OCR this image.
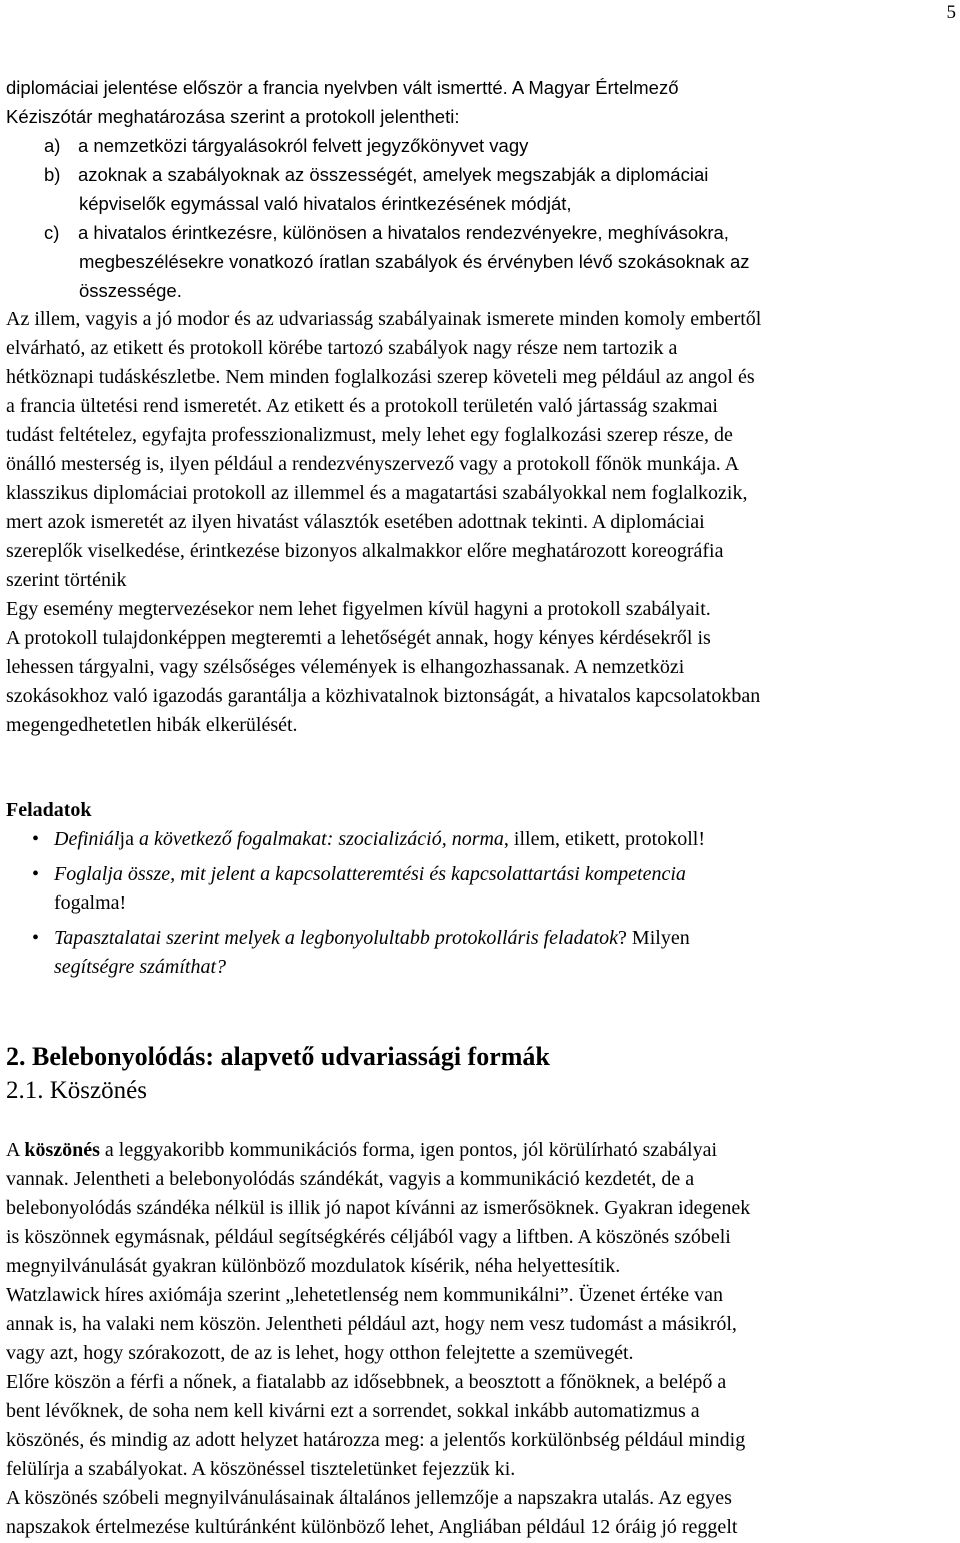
5
diplomáciai jelentése először a francia nyelvben vált ismertté. A Magyar Értelmező
Kéziszótár meghatározása szerint a protokoll jelentheti:
a) a nemzetközi tárgyalásokról felvett jegyzőkönyvet vagy
b) azoknak a szabályoknak az összességét, amelyek megszabják a diplomáciai
képviselők egymással való hivatalos érintkezésének módját,
c)	a hivatalos érintkezésre, különösen a hivatalos rendezvényekre, meghívásokra,
megbeszélésekre vonatkozó íratlan szabályok és érvényben lévő szokásoknak az
összessége.
Az illem, vagyis a jó modor és az udvariasság szabályainak ismerete minden komoly embertől
elvárható, az etikett és protokoll körébe tartozó szabályok nagy része nem tartozik a
hétköznapi tudáskészletbe. Nem minden foglalkozási szerep követeli meg például az angol és
a francia ültetési rend ismeretét. Az etikett és a protokoll területén való jártasság szakmai
tudást feltételez, egyfajta professzionalizmust, mely lehet egy foglalkozási szerep része, de
önálló mesterség is, ilyen például a rendezvényszervező vagy a protokoll főnök munkája. A
klasszikus diplomáciai protokoll az illemmel és a magatartási szabályokkal nem foglalkozik,
mert azok ismeretét az ilyen hivatást választók esetében adottnak tekinti. A diplomáciai
szereplők viselkedése, érintkezése bizonyos alkalmakkor előre meghatározott koreográfia
szerint történik
Egy esemény megtervezésekor nem lehet figyelmen kívül hagyni a protokoll szabályait.
A protokoll tulajdonképpen megteremti a lehetőségét annak, hogy kényes kérdésekről is
lehessen tárgyalni, vagy szélsőséges vélemények is elhangozhassanak. A nemzetközi
szokásokhoz való igazodás garantálja a közhivatalnok biztonságát, a hivatalos kapcsolatokban
megengedhetetlen hibák elkerülését.
Feladatok
• Definiálja a következő fogalmakat: szocializáció, norma, illem, etikett, protokoll!
• Foglalja össze, mit jelent a kapcsolatteremtési és kapcsolattartási kompetencia
fogalma!
• Tapasztalatai szerint melyek a legbonyolultabb protokolláris feladatok? Milyen
segítségre számíthat?
2. Belebonyolódás: alapvető udvariassági formák
2.1. Köszönés
A köszönés a leggyakoribb kommunikációs forma, igen pontos, jól körülírható szabályai
vannak. Jelentheti a belebonyolódás szándékát, vagyis a kommunikáció kezdetét, de a
belebonyolódás szándéka nélkül is illik jó napot kívánni az ismerősöknek. Gyakran idegenek
is köszönnek egymásnak, például segítségkérés céljából vagy a liftben. A köszönés szóbeli
megnyilvánulását gyakran különböző mozdulatok kísérik, néha helyettesítik.
Watzlawick híres axiómája szerint „lehetetlenség nem kommunikálni”. Üzenet értéke van
annak is, ha valaki nem köszön. Jelentheti például azt, hogy nem vesz tudomást a másikról,
vagy azt, hogy szórakozott, de az is lehet, hogy otthon felejtette a szemüvegét.
Előre köszön a férfi a nőnek, a fiatalabb az idősebbnek, a beosztott a főnöknek, a belépő a
bent lévőknek, de soha nem kell kivárni ezt a sorrendet, sokkal inkább automatizmus a
köszönés, és mindig az adott helyzet határozza meg: a jelentős korkülönbség például mindig
felülírja a szabályokat. A köszönéssel tiszteletünket fejezzük ki.
A köszönés szóbeli megnyilvánulásainak általános jellemzője a napszakra utalás. Az egyes
napszakok értelmezése kultúránként különböző lehet, Angliában például 12 óráig jó reggelt
